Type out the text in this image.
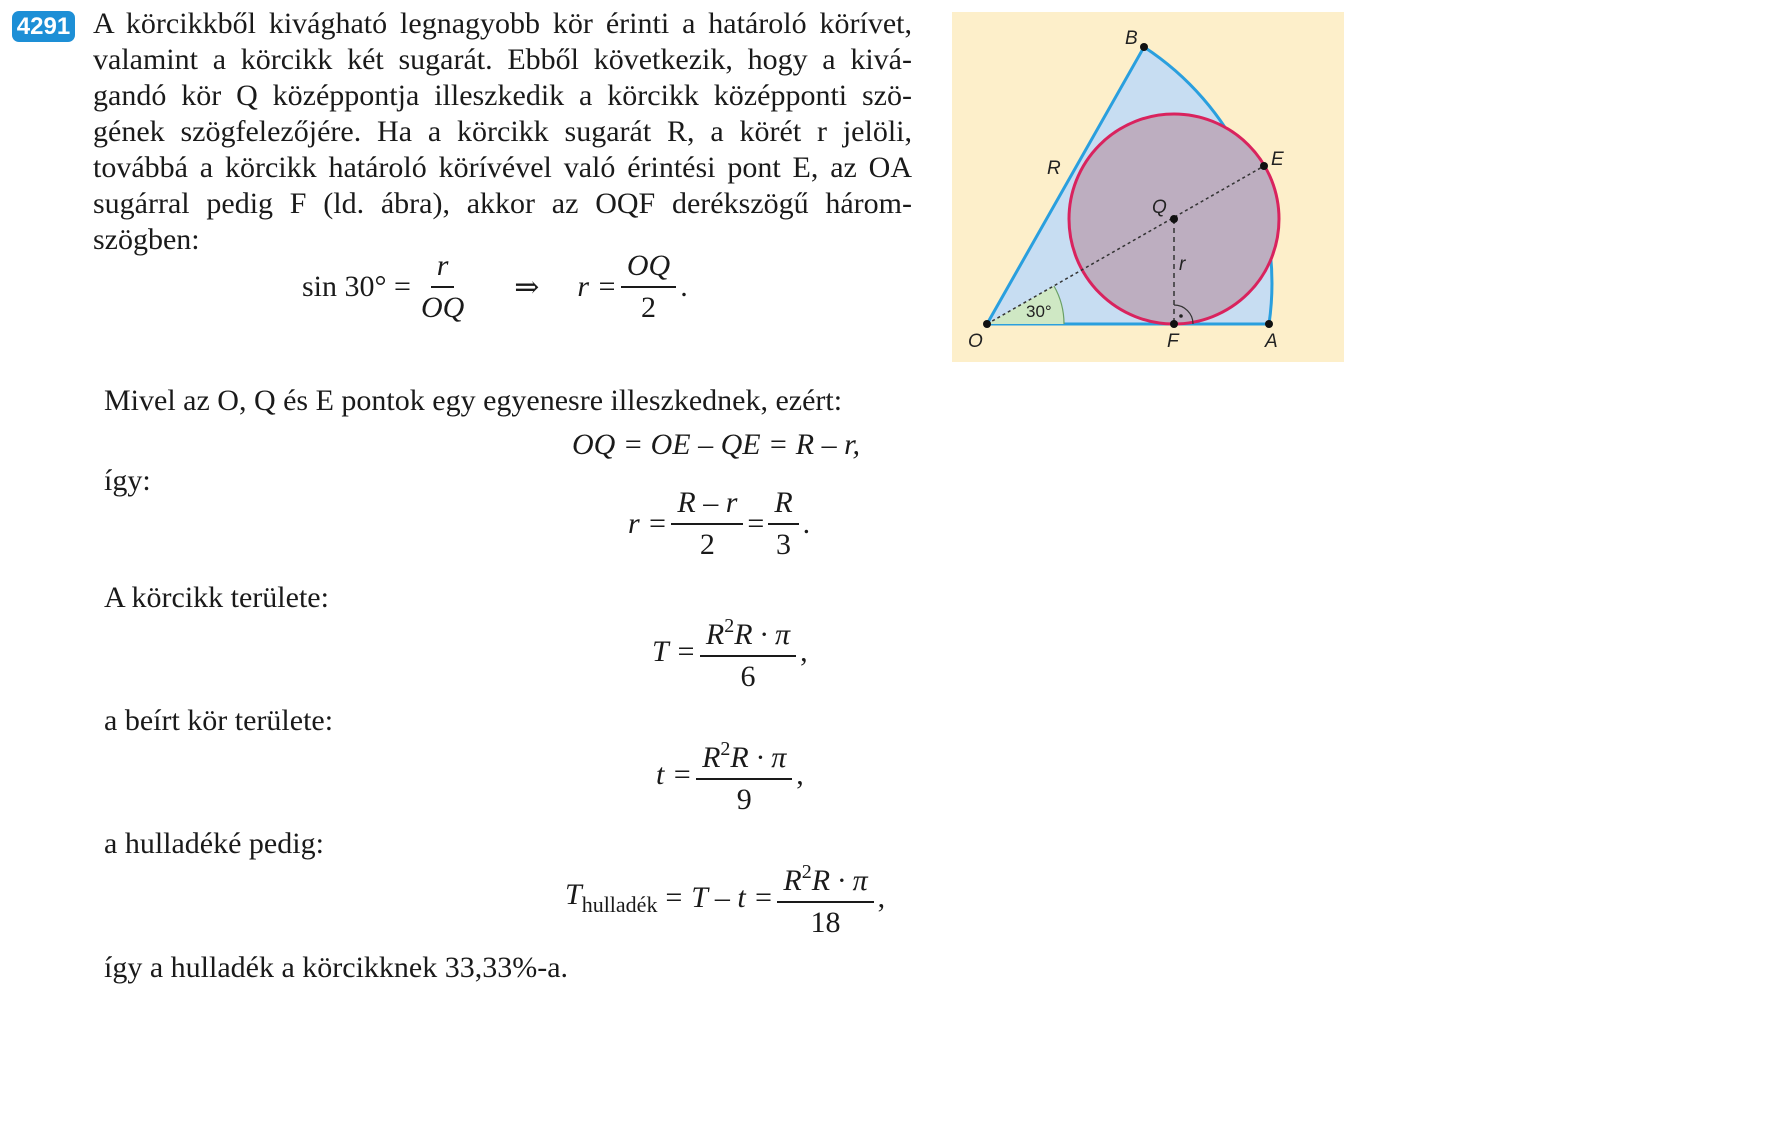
4291 A körcikkből kivágható legnagyobb kör érinti a határoló körívet,
valamint a körcikk két sugarát. Ebből következik, hogy a kivá-
gandó kör Q középpontja illeszkedik a körcikk középponti szö-
gének szögfelezőjére. Ha a körcikk sugarát R, a körét r jelöli,
továbbá a körcikk határoló körívével való érintési pont E, az OA
sugárral pedig F (ld. ábra), akkor az OQF derékszögű három-
szögben:
$\sin 30^\circ = \frac{r}{OQ}$ ⇒ $r = \frac{OQ}{2}$ .
Mivel az O, Q és E pontok egy egyenesre illeszkednek, ezért:
OQ = OE – QE = R – r,
így:
$r = \frac{R - r}{2} = \frac{R}{3}$ .
A körcikk területe:
$T = \frac{R^2R \cdot \pi}{6}$ ,
a beírt kör területe:
$t = \frac{R^2R \cdot \pi}{9}$ ,
a hulladéké pedig:
$T_{hulladék} = T - t = \frac{R^2R \cdot \pi}{18}$ ,
így a hulladék a körcikknek 33,33%-a.
O	A
B
E
Q
F
R
r
30°
